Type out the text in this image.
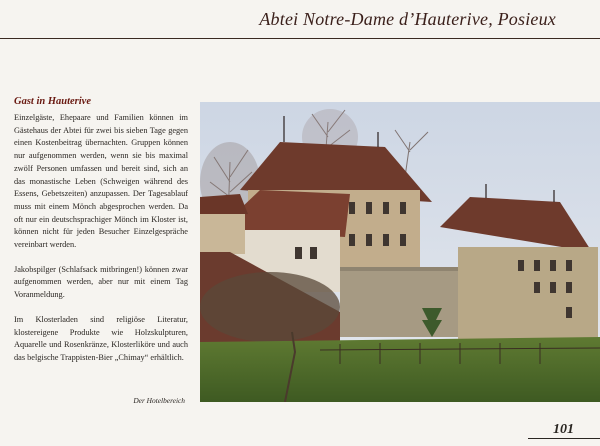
Abtei Notre-Dame d’Hauterive, Posieux
Gast in Hauterive

Einzelgäste, Ehepaare und Familien können im Gästehaus der Abtei für zwei bis sieben Tage gegen einen Kostenbeitrag übernachten. Gruppen können nur aufgenommen werden, wenn sie bis maximal zwölf Personen umfassen und bereit sind, sich an das monastische Leben (Schweigen während des Essens, Gebetszeiten) anzupassen. Der Tagesablauf muss mit einem Mönch abgesprochen werden. Da oft nur ein deutschsprachiger Mönch im Kloster ist, können nicht für jeden Besucher Einzelgespräche vereinbart werden.

Jakobspilger (Schlafsack mitbringen!) können zwar aufgenommen werden, aber nur mit einem Tag Voranmeldung.

Im Klosterladen sind religiöse Literatur, klostereigene Produkte wie Holzskulpturen, Aquarelle und Rosenkränze, Klosterliköre und auch das belgische Trappisten-Bier „Chimay“ erhältlich.

Der Hotelbereich
101
